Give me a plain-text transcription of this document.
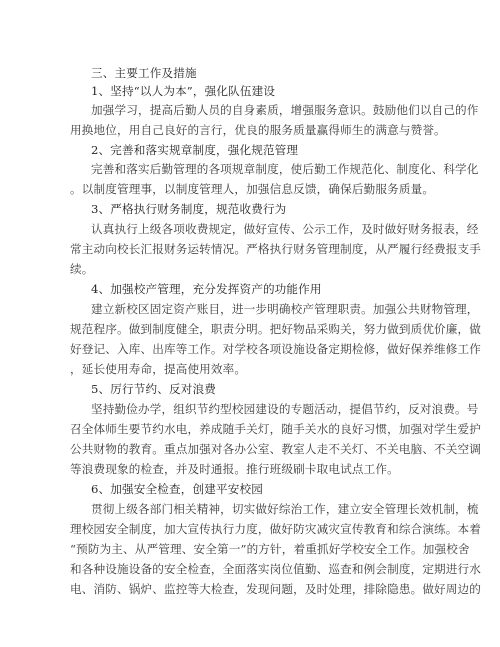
三、主要工作及措施
1、坚持“以人为本”，强化队伍建设
加强学习，提高后勤人员的自身素质，增强服务意识。鼓励他们以自己的作
用换地位，用自己良好的言行，优良的服务质量赢得师生的满意与赞誉。
2、完善和落实规章制度，强化规范管理
完善和落实后勤管理的各项规章制度，使后勤工作规范化、制度化、科学化
。以制度管理事，以制度管理人，加强信息反馈，确保后勤服务质量。
3、严格执行财务制度，规范收费行为
认真执行上级各项收费规定，做好宣传、公示工作，及时做好财务报表，经
常主动向校长汇报财务运转情况。严格执行财务管理制度，从严履行经费报支手
续。
4、加强校产管理，充分发挥资产的功能作用
建立新校区固定资产账目，进一步明确校产管理职责。加强公共财物管理，
规范程序。做到制度健全，职责分明。把好物品采购关，努力做到质优价廉，做
好登记、入库、出库等工作。对学校各项设施设备定期检修，做好保养维修工作
，延长使用寿命，提高使用效率。
5、厉行节约、反对浪费
坚持勤俭办学，组织节约型校园建设的专题活动，提倡节约，反对浪费。号
召全体师生要节约水电，养成随手关灯，随手关水的良好习惯，加强对学生爱护
公共财物的教育。重点加强对各办公室、教室人走不关灯、不关电脑、不关空调
等浪费现象的检查，并及时通报。推行班级刷卡取电试点工作。
6、加强安全检查，创建平安校园
贯彻上级各部门相关精神，切实做好综治工作，建立安全管理长效机制，梳
理校园安全制度，加大宣传执行力度，做好防灾减灾宣传教育和综合演练。本着
“预防为主、从严管理、安全第一”的方针，着重抓好学校安全工作。加强校舍
和各种设施设备的安全检查，全面落实岗位值勤、巡查和例会制度，定期进行水
电、消防、锅炉、监控等大检查，发现问题，及时处理，排除隐患。做好周边的
